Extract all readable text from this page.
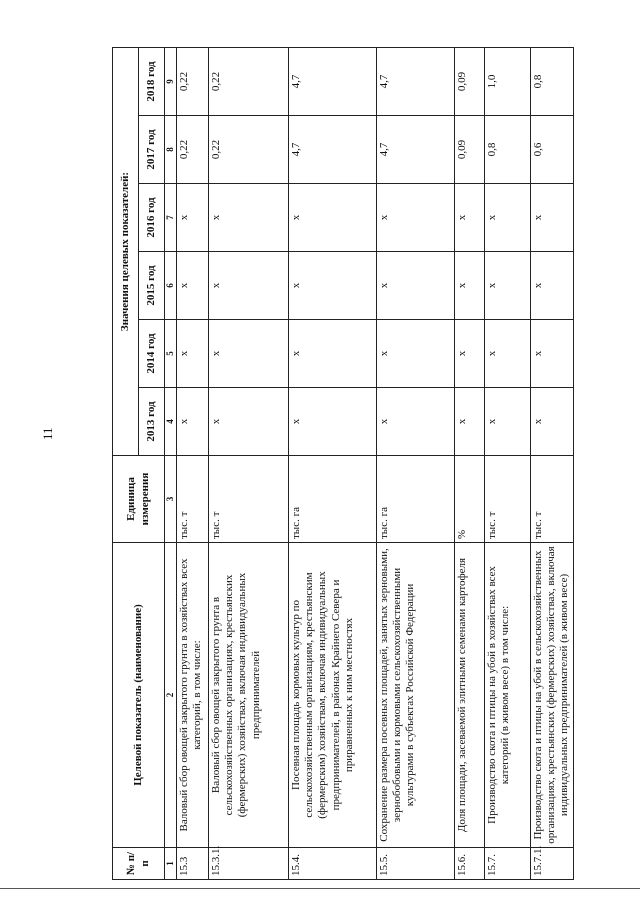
11
№ п/п	Целевой показатель (наименование)	Единица измерения	Значения целевых показателей:					
			2013 год	2014 год	2015 год	2016 год	2017 год	2018 год
1	2	3	4	5	6	7	8	9
15.3	Валовый сбор овощей закрытого грунта в хозяйствах всех категорий, в том числе:	тыс. т	х	х	х	х	0,22	0,22
15.3.1.	Валовый сбор овощей закрытого грунта в сельскохозяйственных организациях, крестьянских (фермерских) хозяйствах, включая индивидуальных предпринимателей	тыс. т	х	х	х	х	0,22	0,22
15.4.	Посевная площадь кормовых культур по сельскохозяйственным организациям, крестьянским (фермерским) хозяйствам, включая индивидуальных предпринимателей, в районах Крайнего Севера и приравненных к ним местностях	тыс. га	х	х	х	х	4,7	4,7
15.5.	Сохранение размера посевных площадей, занятых зерновыми, зернобобовыми и кормовыми сельскохозяйственными культурами в субъектах Российской Федерации	тыс. га	х	х	х	х	4,7	4,7
15.6.	Доля площади, засеваемой элитными семенами картофеля	%	х	х	х	х	0,09	0,09
15.7.	Производство скота и птицы на убой в хозяйствах всех категорий (в живом весе) в том числе:	тыс. т	х	х	х	х	0,8	1,0
15.7.1.	Производство скота и птицы на убой в сельскохозяйственных организациях, крестьянских (фермерских) хозяйствах, включая индивидуальных предпринимателей (в живом весе)	тыс. т	х	х	х	х	0,6	0,8
